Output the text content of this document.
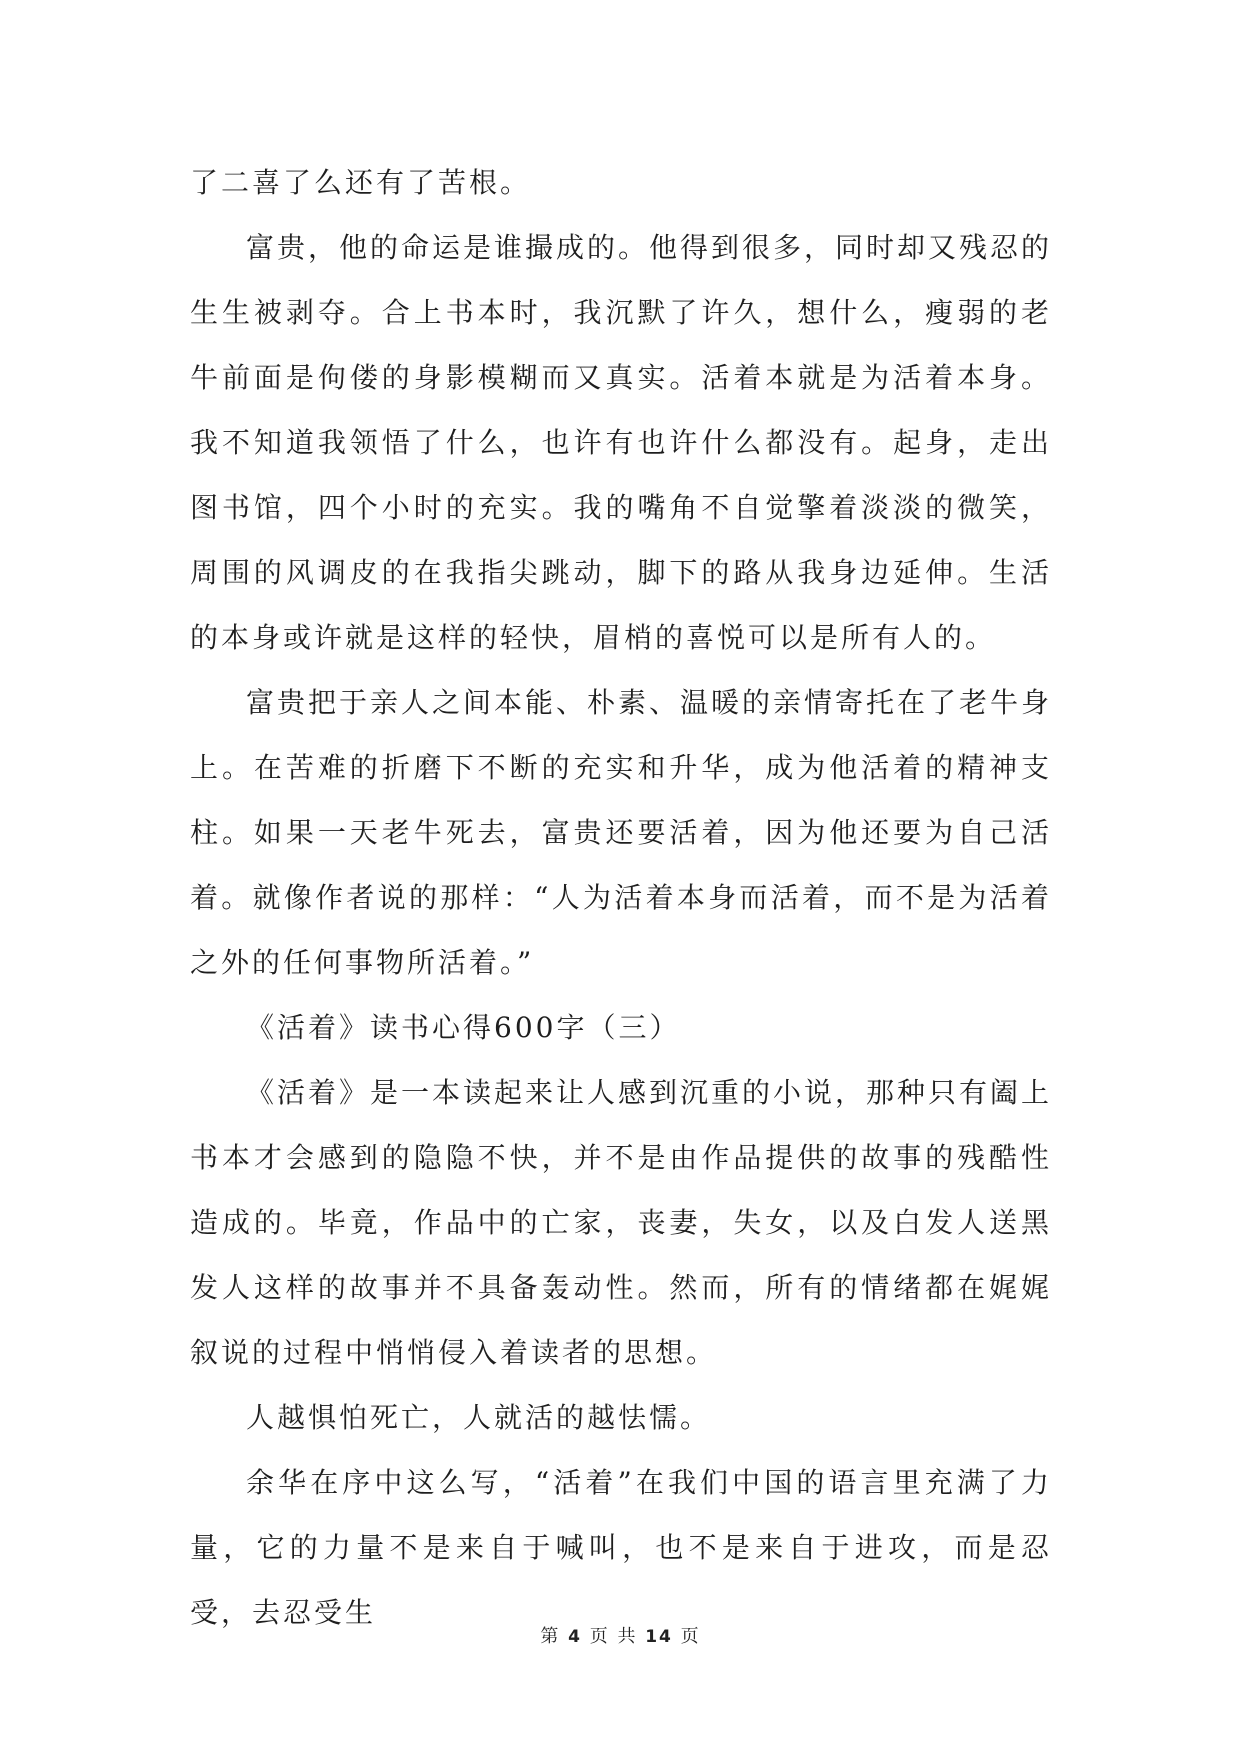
了二喜了么还有了苦根。

富贵，他的命运是谁撮成的。他得到很多，同时却又残忍的生生被剥夺。合上书本时，我沉默了许久，想什么，瘦弱的老牛前面是佝偻的身影模糊而又真实。活着本就是为活着本身。我不知道我领悟了什么，也许有也许什么都没有。起身，走出图书馆，四个小时的充实。我的嘴角不自觉擎着淡淡的微笑，周围的风调皮的在我指尖跳动，脚下的路从我身边延伸。生活的本身或许就是这样的轻快，眉梢的喜悦可以是所有人的。

富贵把于亲人之间本能、朴素、温暖的亲情寄托在了老牛身上。在苦难的折磨下不断的充实和升华，成为他活着的精神支柱。如果一天老牛死去，富贵还要活着，因为他还要为自己活着。就像作者说的那样：“人为活着本身而活着，而不是为活着之外的任何事物所活着。”

《活着》读书心得600字（三）

《活着》是一本读起来让人感到沉重的小说，那种只有阖上书本才会感到的隐隐不快，并不是由作品提供的故事的残酷性造成的。毕竟，作品中的亡家，丧妻，失女，以及白发人送黑发人这样的故事并不具备轰动性。然而，所有的情绪都在娓娓叙说的过程中悄悄侵入着读者的思想。

人越惧怕死亡，人就活的越怯懦。

余华在序中这么写，“活着”在我们中国的语言里充满了力量，它的力量不是来自于喊叫，也不是来自于进攻，而是忍受，去忍受生

第 4 页 共 14 页
